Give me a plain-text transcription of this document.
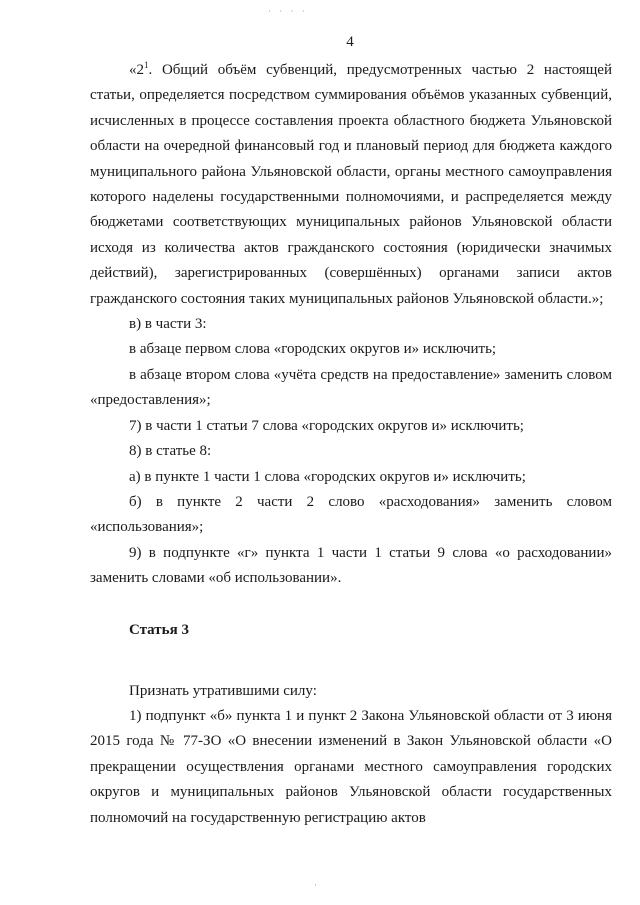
· · · ·
4

«$2^1$. Общий объём субвенций, предусмотренных частью 2 настоящей статьи, определяется посредством суммирования объёмов указанных субвенций, исчисленных в процессе составления проекта областного бюджета Ульяновской области на очередной финансовый год и плановый период для бюджета каждого муниципального района Ульяновской области, органы местного самоуправления которого наделены государственными полномочиями, и распределяется между бюджетами соответствующих муниципальных районов Ульяновской области исходя из количества актов гражданского состояния (юридически значимых действий), зарегистрированных (совершённых) органами записи актов гражданского состояния таких муниципальных районов Ульяновской области.»;

в) в части 3:

в абзаце первом слова «городских округов и» исключить;

в абзаце втором слова «учёта средств на предоставление» заменить словом «предоставления»;

7) в части 1 статьи 7 слова «городских округов и» исключить;

8) в статье 8:

а) в пункте 1 части 1 слова «городских округов и» исключить;

б) в пункте 2 части 2 слово «расходования» заменить словом «использования»;

9) в подпункте «г» пункта 1 части 1 статьи 9 слова «о расходовании» заменить словами «об использовании».

Статья 3

Признать утратившими силу:

1) подпункт «б» пункта 1 и пункт 2 Закона Ульяновской области от 3 июня 2015 года № 77-ЗО «О внесении изменений в Закон Ульяновской области «О прекращении осуществления органами местного самоуправления городских округов и муниципальных районов Ульяновской области государственных полномочий на государственную регистрацию актов

·
